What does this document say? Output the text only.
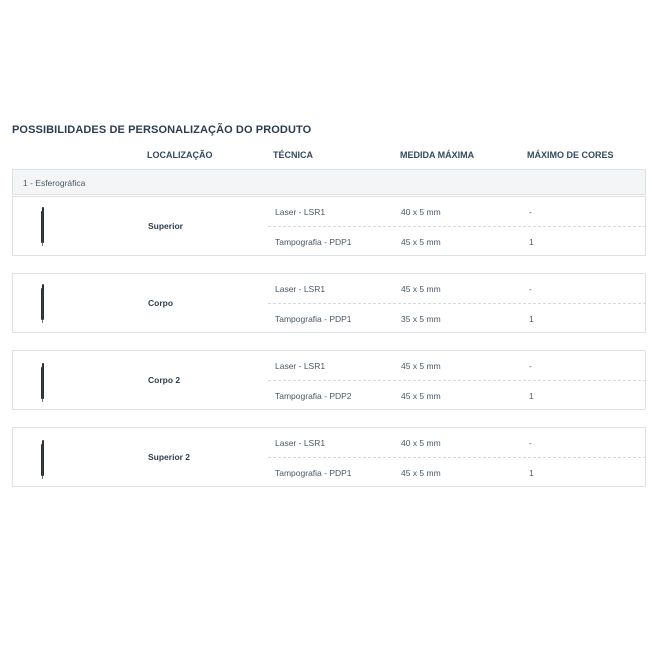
POSSIBILIDADES DE PERSONALIZAÇÃO DO PRODUTO
LOCALIZAÇÃO	TÉCNICA	MEDIDA MÁXIMA	MÁXIMO DE CORES
1 - Esferográfica
Superior
Laser - LSR1	40 x 5 mm	-
Tampografia - PDP1	45 x 5 mm	1
Corpo
Laser - LSR1	45 x 5 mm	-
Tampografia - PDP1	35 x 5 mm	1
Corpo 2
Laser - LSR1	45 x 5 mm	-
Tampografia - PDP2	45 x 5 mm	1
Superior 2
Laser - LSR1	40 x 5 mm	-
Tampografia - PDP1	45 x 5 mm	1
